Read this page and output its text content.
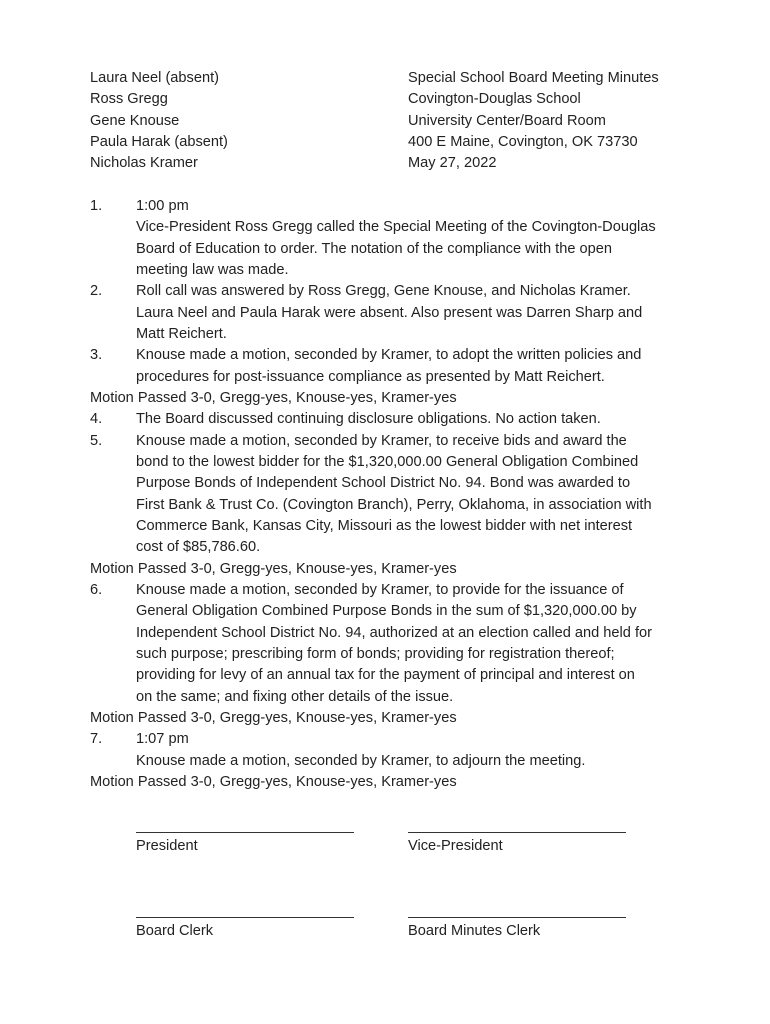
Laura Neel (absent)
Ross Gregg
Gene Knouse
Paula Harak (absent)
Nicholas Kramer
Special School Board Meeting Minutes
Covington-Douglas School
University Center/Board Room
400 E Maine, Covington, OK 73730
May 27, 2022
1. 1:00 pm
Vice-President Ross Gregg called the Special Meeting of the Covington-Douglas
Board of Education to order. The notation of the compliance with the open
meeting law was made.
2. Roll call was answered by Ross Gregg, Gene Knouse, and Nicholas Kramer.
Laura Neel and Paula Harak were absent. Also present was Darren Sharp and
Matt Reichert.
3. Knouse made a motion, seconded by Kramer, to adopt the written policies and
procedures for post-issuance compliance as presented by Matt Reichert.
Motion Passed 3-0, Gregg-yes, Knouse-yes, Kramer-yes
4. The Board discussed continuing disclosure obligations. No action taken.
5. Knouse made a motion, seconded by Kramer, to receive bids and award the
bond to the lowest bidder for the $1,320,000.00 General Obligation Combined
Purpose Bonds of Independent School District No. 94. Bond was awarded to
First Bank & Trust Co. (Covington Branch), Perry, Oklahoma, in association with
Commerce Bank, Kansas City, Missouri as the lowest bidder with net interest
cost of $85,786.60.
Motion Passed 3-0, Gregg-yes, Knouse-yes, Kramer-yes
6. Knouse made a motion, seconded by Kramer, to provide for the issuance of
General Obligation Combined Purpose Bonds in the sum of $1,320,000.00 by
Independent School District No. 94, authorized at an election called and held for
such purpose; prescribing form of bonds; providing for registration thereof;
providing for levy of an annual tax for the payment of principal and interest on
on the same; and fixing other details of the issue.
Motion Passed 3-0, Gregg-yes, Knouse-yes, Kramer-yes
7. 1:07 pm
Knouse made a motion, seconded by Kramer, to adjourn the meeting.
Motion Passed 3-0, Gregg-yes, Knouse-yes, Kramer-yes
President	Vice-President
Board Clerk	Board Minutes Clerk
